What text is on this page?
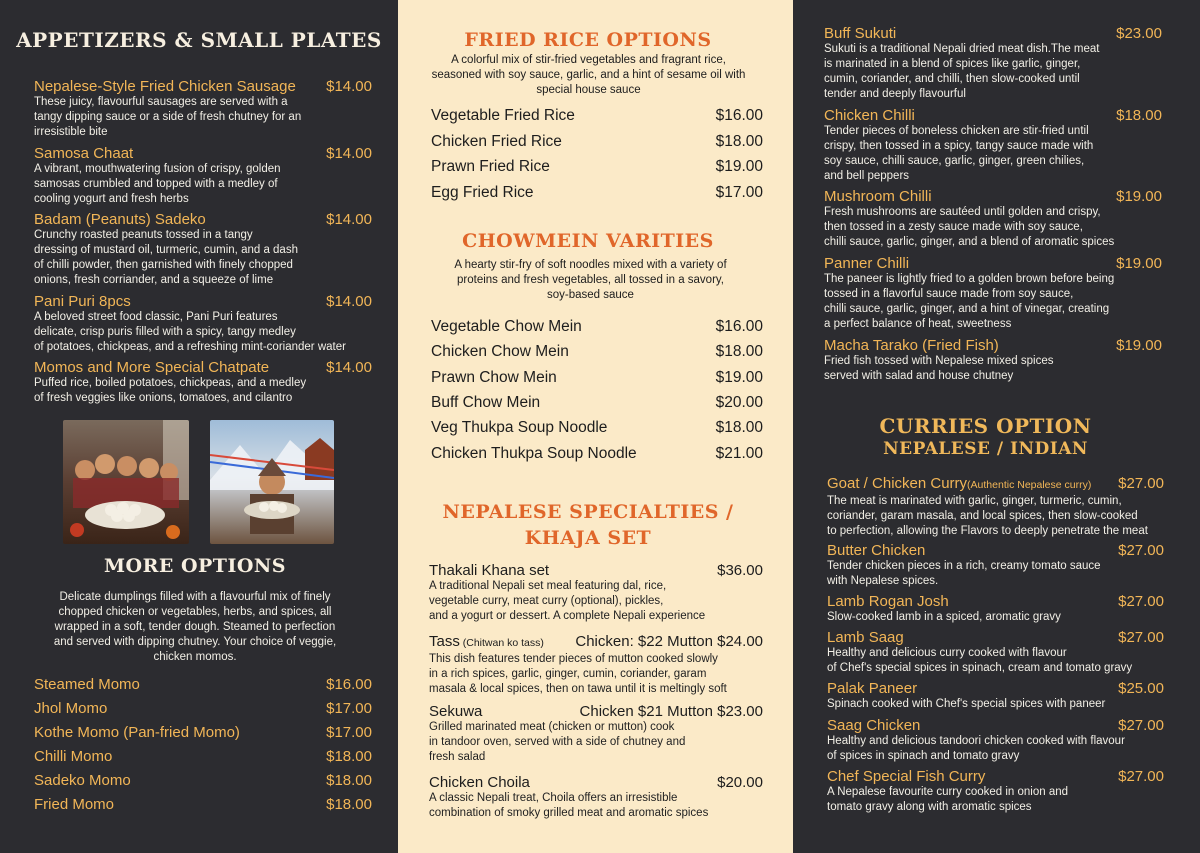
APPETIZERS & SMALL PLATES
Nepalese-Style Fried Chicken Sausage	$14.00
These juicy, flavourful sausages are served with a
tangy dipping sauce or a side of fresh chutney for an
irresistible bite
Samosa Chaat	$14.00
A vibrant, mouthwatering fusion of crispy, golden
samosas crumbled and topped with a medley of
cooling yogurt and fresh herbs
Badam (Peanuts) Sadeko	$14.00
Crunchy roasted peanuts tossed in a tangy
dressing of mustard oil, turmeric, cumin, and a dash
of chilli powder, then garnished with finely chopped
onions, fresh corriander, and a squeeze of lime
Pani Puri 8pcs	$14.00
A beloved street food classic, Pani Puri features
delicate, crisp puris filled with a spicy, tangy medley
of potatoes, chickpeas, and a refreshing mint-coriander water
Momos and More Special Chatpate	$14.00
Puffed rice, boiled potatoes, chickpeas, and a medley
of fresh veggies like onions, tomatoes, and cilantro
MORE OPTIONS
Delicate dumplings filled with a flavourful mix of finely
chopped chicken or vegetables, herbs, and spices, all
wrapped in a soft, tender dough. Steamed to perfection
and served with dipping chutney. Your choice of veggie,
chicken momos.
Steamed Momo	$16.00
Jhol Momo	$17.00
Kothe Momo (Pan-fried Momo)	$17.00
Chilli Momo	$18.00
Sadeko Momo	$18.00
Fried Momo	$18.00
FRIED RICE OPTIONS
A colorful mix of stir-fried vegetables and fragrant rice,
seasoned with soy sauce, garlic, and a hint of sesame oil with
special house sauce
Vegetable Fried Rice	$16.00
Chicken Fried Rice	$18.00
Prawn Fried Rice	$19.00
Egg Fried Rice	$17.00
CHOWMEIN VARITIES
A hearty stir-fry of soft noodles mixed with a variety of
proteins and fresh vegetables, all tossed in a savory,
soy-based sauce
Vegetable Chow Mein	$16.00
Chicken Chow Mein	$18.00
Prawn Chow Mein	$19.00
Buff Chow Mein	$20.00
Veg Thukpa Soup Noodle	$18.00
Chicken Thukpa Soup Noodle	$21.00
NEPALESE SPECIALTIES /
KHAJA SET
Thakali Khana set	$36.00
A traditional Nepali set meal featuring dal, rice,
vegetable curry, meat curry (optional), pickles,
and a yogurt or dessert. A complete Nepali experience
Tass (Chitwan ko tass)	Chicken: $22 Mutton $24.00
This dish features tender pieces of mutton cooked slowly
in a rich spices, garlic, ginger, cumin, coriander, garam
masala & local spices, then on tawa until it is meltingly soft
Sekuwa	Chicken $21 Mutton $23.00
Grilled marinated meat (chicken or mutton) cook
in tandoor oven, served with a side of chutney and
fresh salad
Chicken Choila	$20.00
A classic Nepali treat, Choila offers an irresistible
combination of smoky grilled meat and aromatic spices
Buff Sukuti	$23.00
Sukuti is a traditional Nepali dried meat dish.The meat
is marinated in a blend of spices like garlic, ginger,
cumin, coriander, and chilli, then slow-cooked until
tender and deeply flavourful
Chicken Chilli	$18.00
Tender pieces of boneless chicken are stir-fried until
crispy, then tossed in a spicy, tangy sauce made with
soy sauce, chilli sauce, garlic, ginger, green chilies,
and bell peppers
Mushroom Chilli	$19.00
Fresh mushrooms are sautéed until golden and crispy,
then tossed in a zesty sauce made with soy sauce,
chilli sauce, garlic, ginger, and a blend of aromatic spices
Panner Chilli	$19.00
The paneer is lightly fried to a golden brown before being
tossed in a flavorful sauce made from soy sauce,
chilli sauce, garlic, ginger, and a hint of vinegar, creating
a perfect balance of heat, sweetness
Macha Tarako (Fried Fish)	$19.00
Fried fish tossed with Nepalese mixed spices
served with salad and house chutney
CURRIES OPTION
NEPALESE / INDIAN
Goat / Chicken Curry(Authentic Nepalese curry)	$27.00
The meat is marinated with garlic, ginger, turmeric, cumin,
coriander, garam masala, and local spices, then slow-cooked
to perfection, allowing the Flavors to deeply penetrate the meat
Butter Chicken	$27.00
Tender chicken pieces in a rich, creamy tomato sauce
with Nepalese spices.
Lamb Rogan Josh	$27.00
Slow-cooked lamb in a spiced, aromatic gravy
Lamb Saag	$27.00
Healthy and delicious curry cooked with flavour
of Chef's special spices in spinach, cream and tomato gravy
Palak Paneer	$25.00
Spinach cooked with Chef's special spices with paneer
Saag Chicken	$27.00
Healthy and delicious tandoori chicken cooked with flavour
of spices in spinach and tomato gravy
Chef Special Fish Curry	$27.00
A Nepalese favourite curry cooked in onion and
tomato gravy along with aromatic spices
